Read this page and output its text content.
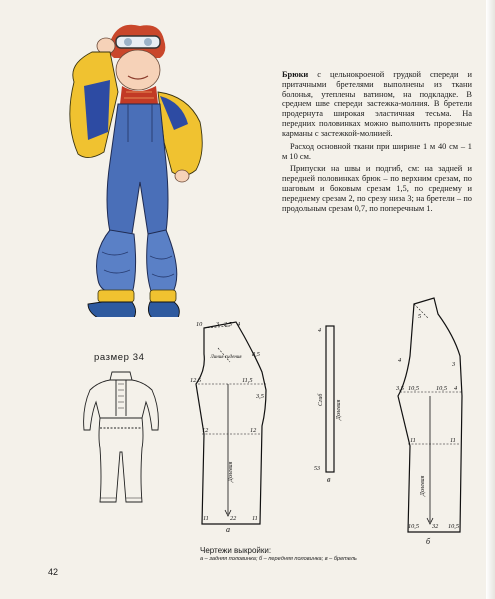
Брюки с цельнокроеной грудкой спереди и притачными бретелями выполнены из ткани болонья, утеплены ватином, на подкладке. В среднем шве спереди застежка-молния. В бретели продернута широкая эластичная тесьма. На передних половинках можно выполнить прорезные карманы с застежкой-молнией.

Расход основной ткани при ширине 1 м 40 см – 1 м 10 см.

Припуски на швы и подгиб, см: на задней и передней половинках брюк – по верхним срезам, по шаговым и боковым срезам 1,5, по среднему и переднему срезам 2, по срезу низа 3; на бретели – по продольным срезам 0,7, по поперечным 1.

размер 34
10 3 2,5 4
8,5
12,5	11,5
3,5
12	12
11	22 11
Линия сидения
Долевая
а
4
Сгиб Долевая
53
в
5
4
3
3,5 10,5	10,5 4
11	11
10,5 32 10,5
Долевая
б
Чертежи выкройки:
а – задняя половинка; б – передняя половинка; в – бретель
42
